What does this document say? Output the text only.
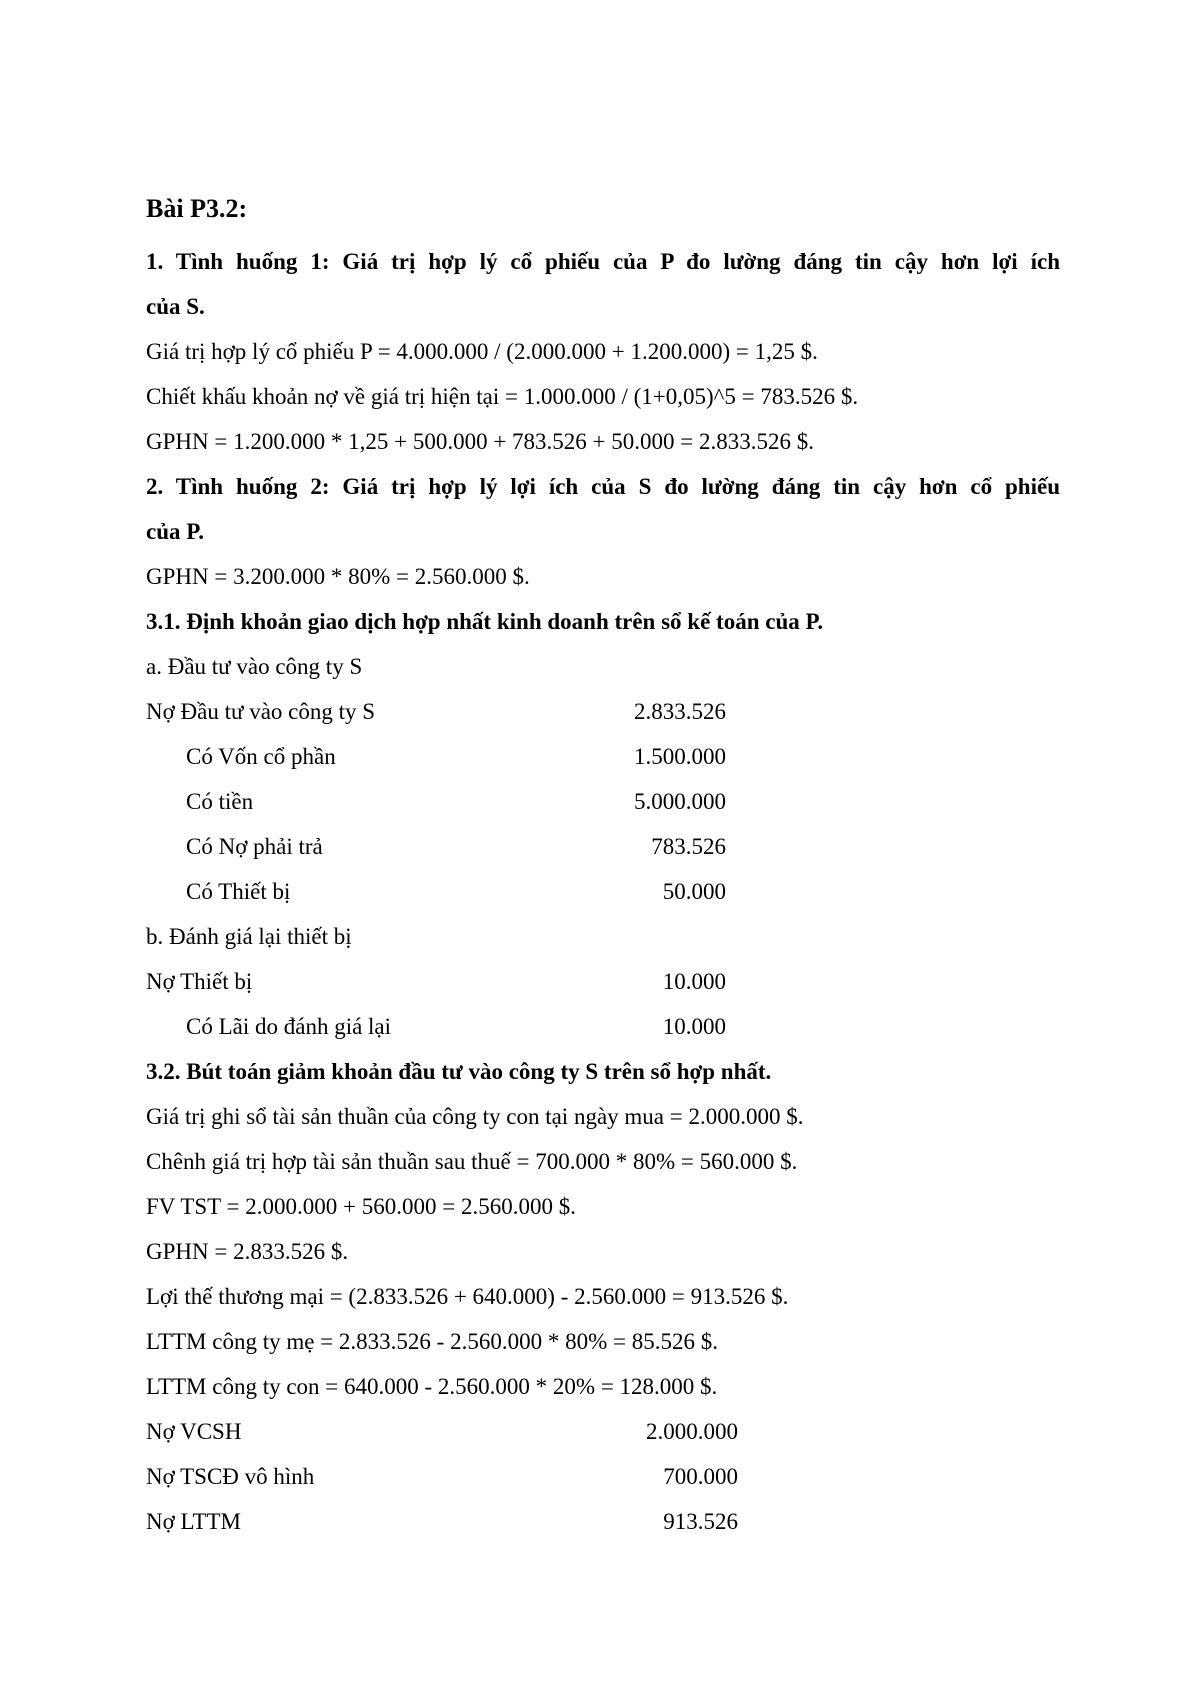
Bài P3.2:
1. Tình huống 1: Giá trị hợp lý cổ phiếu của P đo lường đáng tin cậy hơn lợi ích
của S.
Giá trị hợp lý cổ phiếu P = 4.000.000 / (2.000.000 + 1.200.000) = 1,25 $.
Chiết khấu khoản nợ về giá trị hiện tại = 1.000.000 / (1+0,05)^5 = 783.526 $.
GPHN = 1.200.000 * 1,25 + 500.000 + 783.526 + 50.000 = 2.833.526 $.
2. Tình huống 2: Giá trị hợp lý lợi ích của S đo lường đáng tin cậy hơn cổ phiếu
của P.
GPHN = 3.200.000 * 80% = 2.560.000 $.
3.1. Định khoản giao dịch hợp nhất kinh doanh trên sổ kế toán của P.
a. Đầu tư vào công ty S
Nợ Đầu tư vào công ty S	2.833.526
Có Vốn cổ phần	1.500.000
Có tiền	5.000.000
Có Nợ phải trả	783.526
Có Thiết bị	50.000
b. Đánh giá lại thiết bị
Nợ Thiết bị	10.000
Có Lãi do đánh giá lại	10.000
3.2. Bút toán giảm khoản đầu tư vào công ty S trên sổ hợp nhất.
Giá trị ghi sổ tài sản thuần của công ty con tại ngày mua = 2.000.000 $.
Chênh giá trị hợp tài sản thuần sau thuế = 700.000 * 80% = 560.000 $.
FV TST = 2.000.000 + 560.000 = 2.560.000 $.
GPHN = 2.833.526 $.
Lợi thế thương mại = (2.833.526 + 640.000) - 2.560.000 = 913.526 $.
LTTM công ty mẹ = 2.833.526 - 2.560.000 * 80% = 85.526 $.
LTTM công ty con = 640.000 - 2.560.000 * 20% = 128.000 $.
Nợ VCSH	2.000.000
Nợ TSCĐ vô hình	700.000
Nợ LTTM	913.526
